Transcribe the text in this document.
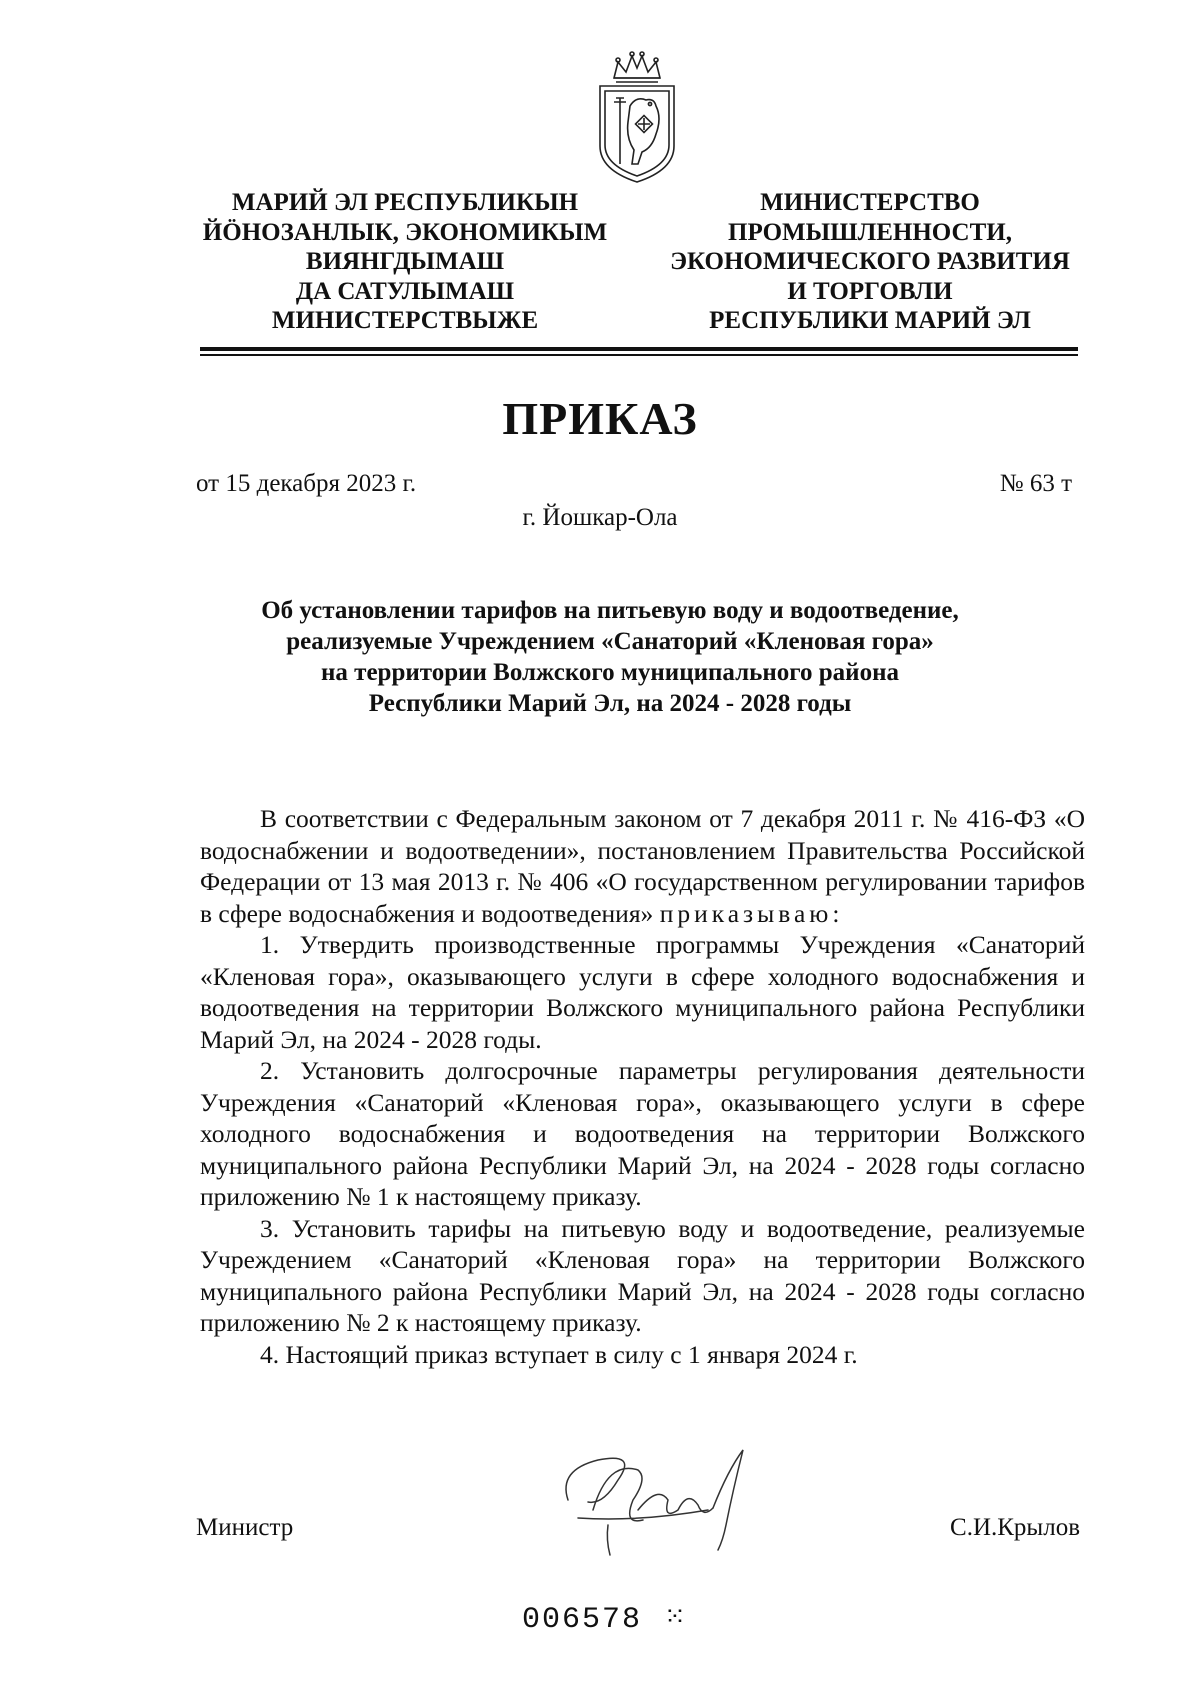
МАРИЙ ЭЛ РЕСПУБЛИКЫН
ЙӦНОЗАНЛЫК, ЭКОНОМИКЫМ
ВИЯНГДЫМАШ
ДА САТУЛЫМАШ
МИНИСТЕРСТВЫЖЕ
МИНИСТЕРСТВО
ПРОМЫШЛЕННОСТИ,
ЭКОНОМИЧЕСКОГО РАЗВИТИЯ
И ТОРГОВЛИ
РЕСПУБЛИКИ МАРИЙ ЭЛ
ПРИКАЗ
от 15 декабря 2023 г.	№ 63 т
г. Йошкар-Ола
Об установлении тарифов на питьевую воду и водоотведение,
реализуемые Учреждением «Санаторий «Кленовая гора»
на территории Волжского муниципального района
Республики Марий Эл, на 2024 - 2028 годы

В соответствии с Федеральным законом от 7 декабря 2011 г. № 416-ФЗ «О водоснабжении и водоотведении», постановлением Правительства Российской Федерации от 13 мая 2013 г. № 406 «О государственном регулировании тарифов в сфере водоснабжения и водоотведения» приказываю:

1. Утвердить производственные программы Учреждения «Санаторий «Кленовая гора», оказывающего услуги в сфере холодного водоснабжения и водоотведения на территории Волжского муниципального района Республики Марий Эл, на 2024 - 2028 годы.

2. Установить долгосрочные параметры регулирования деятельности Учреждения «Санаторий «Кленовая гора», оказывающего услуги в сфере холодного водоснабжения и водоотведения на территории Волжского муниципального района Республики Марий Эл, на 2024 - 2028 годы согласно приложению № 1 к настоящему приказу.

3. Установить тарифы на питьевую воду и водоотведение, реализуемые Учреждением «Санаторий «Кленовая гора» на территории Волжского муниципального района Республики Марий Эл, на 2024 - 2028 годы согласно приложению № 2 к настоящему приказу.

4. Настоящий приказ вступает в силу с 1 января 2024 г.

Министр	С.И.Крылов
006578 ⁙
